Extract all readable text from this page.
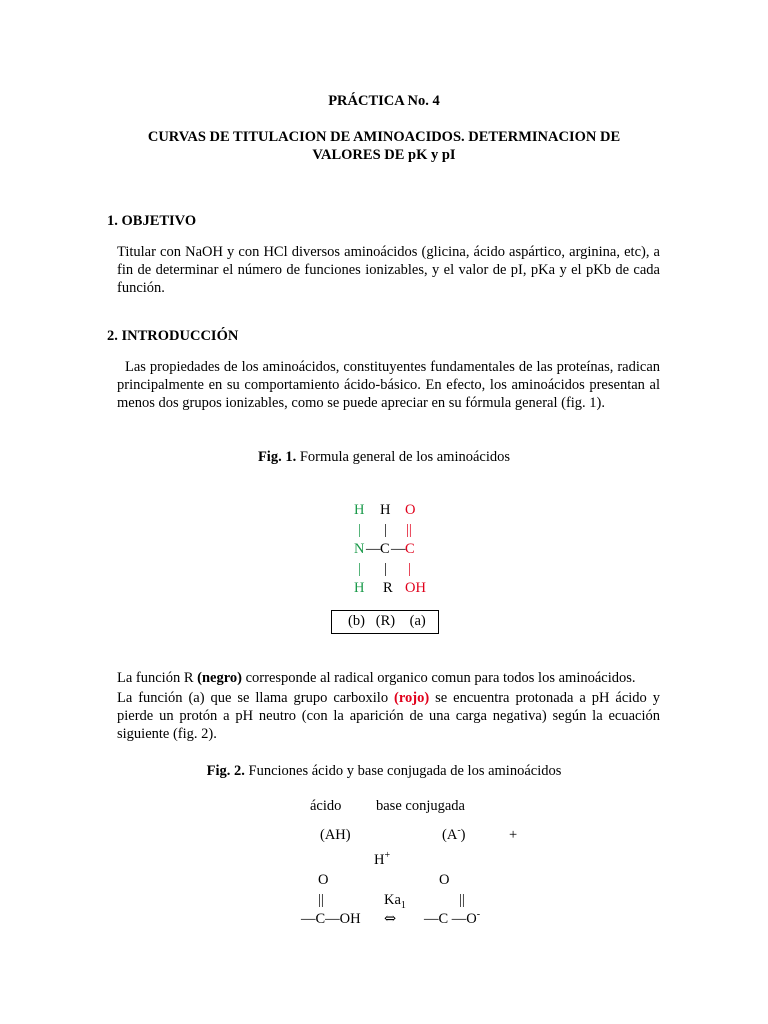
PRÁCTICA No. 4
CURVAS DE TITULACION DE AMINOACIDOS. DETERMINACION DE
VALORES DE pK y pI
1. OBJETIVO
Titular con NaOH y con HCl diversos aminoácidos (glicina, ácido aspártico, arginina, etc), a fin de determinar el número de funciones ionizables, y el valor de pI, pKa y el pKb de cada función.
2. INTRODUCCIÓN
Las propiedades de los aminoácidos, constituyentes fundamentales de las proteínas, radican principalmente en su comportamiento ácido-básico. En efecto, los aminoácidos presentan al menos dos grupos ionizables, como se puede apreciar en su fórmula general (fig. 1).
Fig. 1. Formula general de los aminoácidos
H H O
| | ||
N — C — C
| | |
H R OH
(b)   (R)    (a)
La función R (negro) corresponde al radical organico comun para todos los aminoácidos.
La función (a) que se llama grupo carboxilo (rojo) se encuentra protonada a pH ácido y pierde un protón a pH neutro (con la aparición de una carga negativa) según la ecuación siguiente (fig. 2).
Fig. 2. Funciones ácido y base conjugada de los aminoácidos
ácido base conjugada
(AH)	(A-)	+
H+
O	O
||	$Ka_1$	||
—C—OH ⇔ —C —O-
